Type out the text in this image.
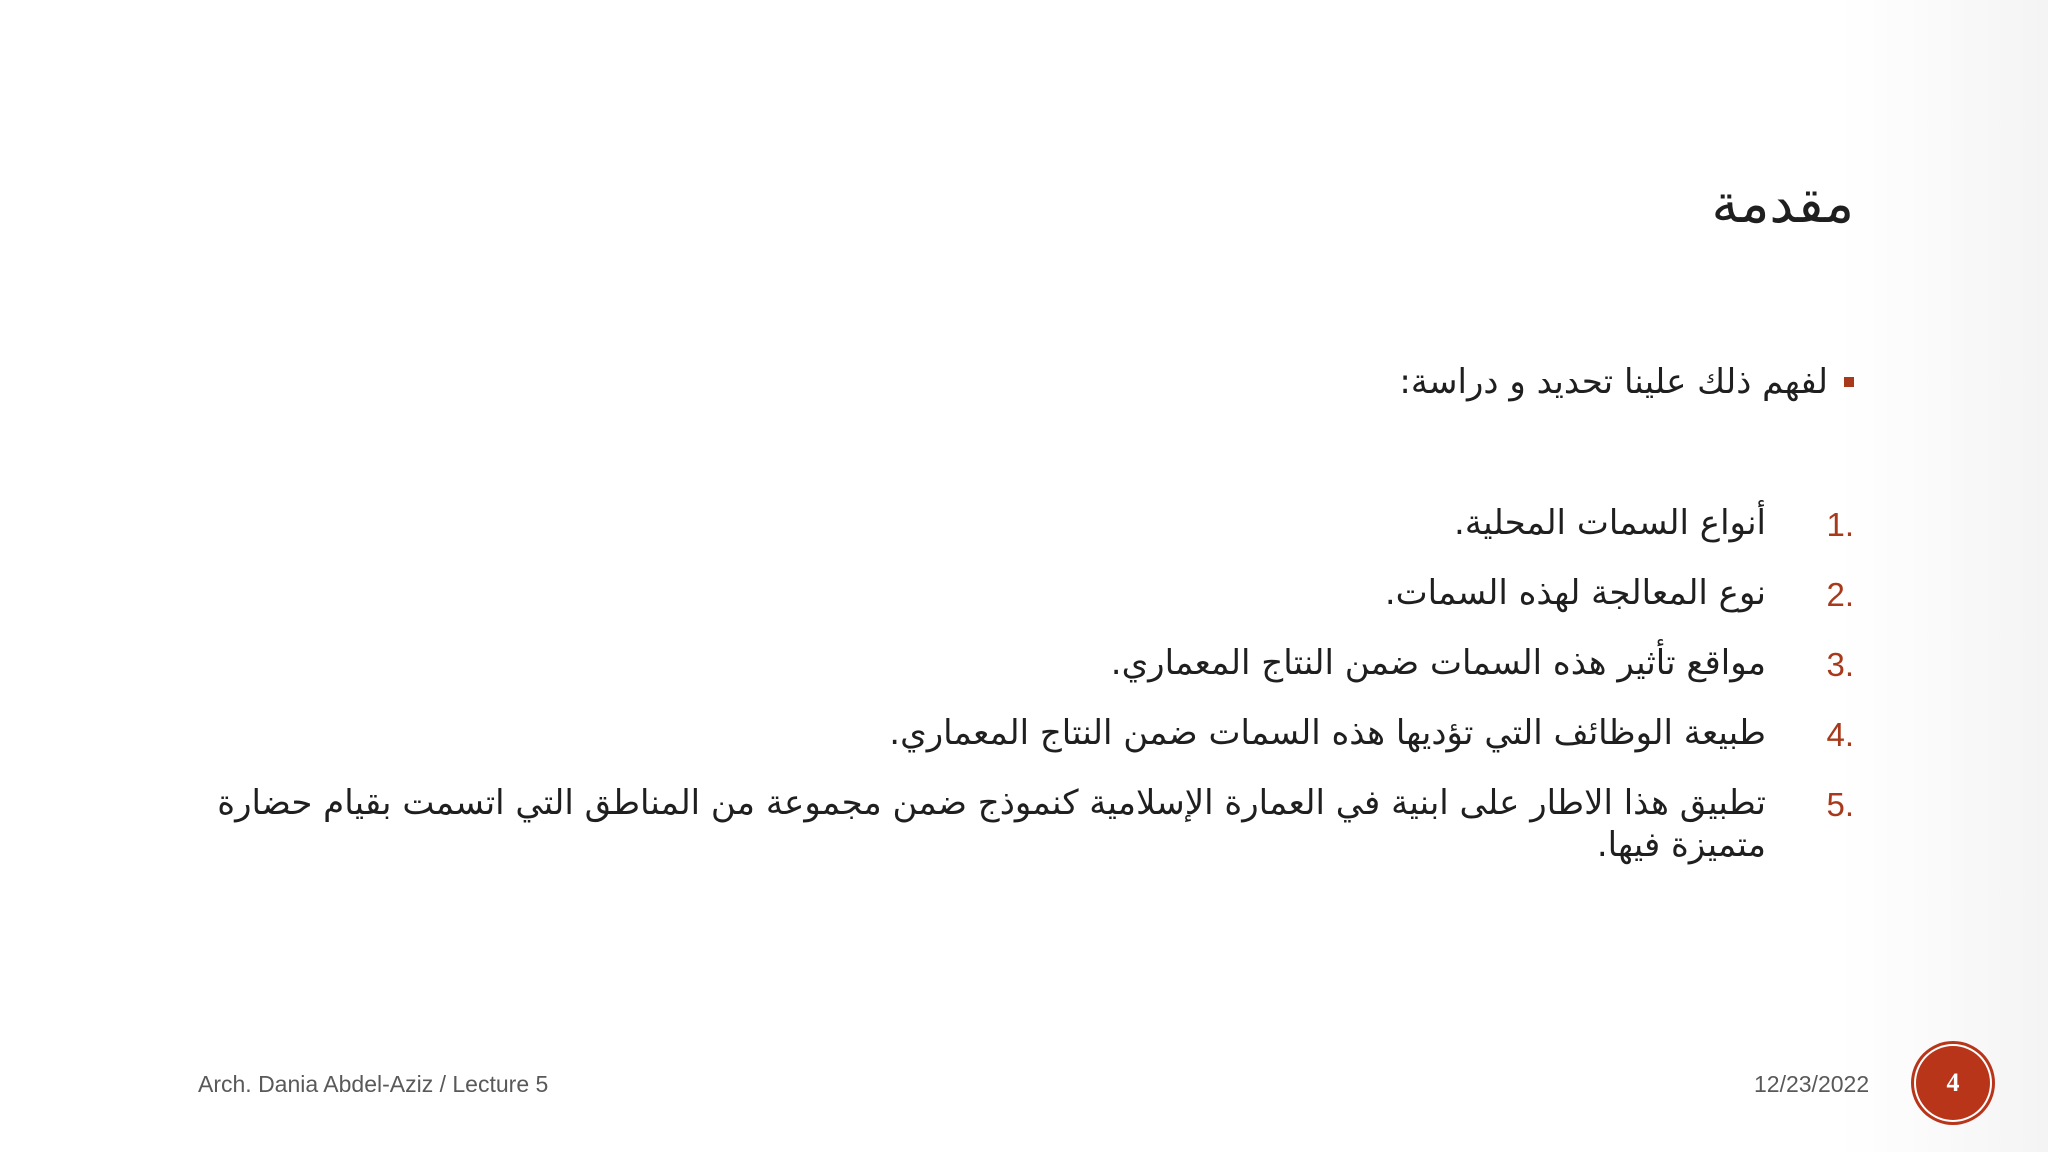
مقدمة
لفهم ذلك علينا تحديد و دراسة:
1.
أنواع السمات المحلية.
2.
نوع المعالجة لهذه السمات.
3.
مواقع تأثير هذه السمات ضمن النتاج المعماري.
4.
طبيعة الوظائف التي تؤديها هذه السمات ضمن النتاج المعماري.
5.
تطبيق هذا الاطار على ابنية في العمارة الإسلامية كنموذج ضمن مجموعة من المناطق التي اتسمت بقيام حضارة متميزة فيها.
Arch. Dania Abdel-Aziz / Lecture 5	12/23/2022	4
